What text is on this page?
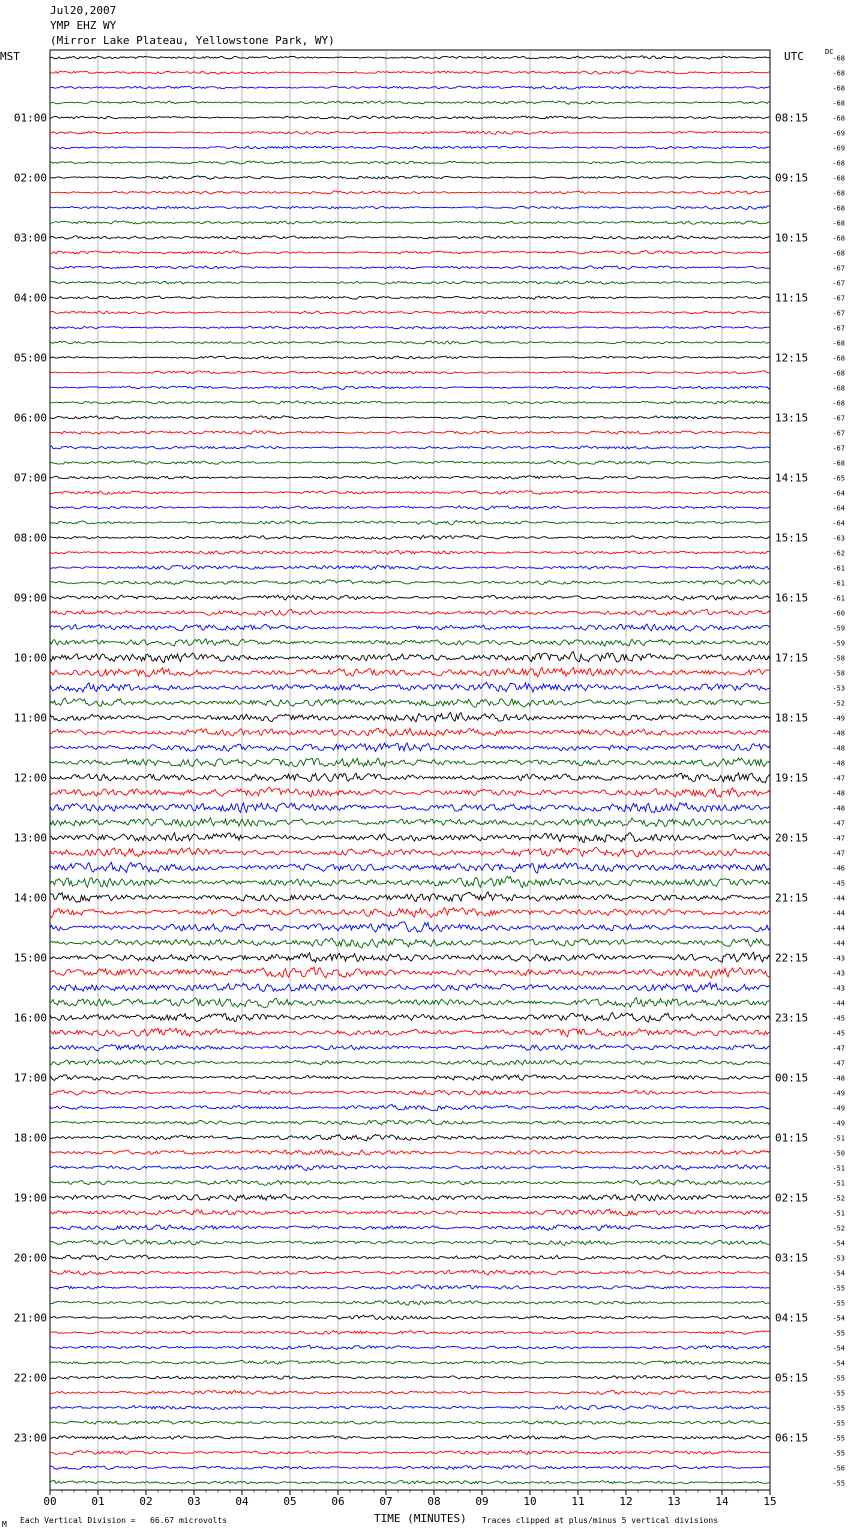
Jul20,2007
YMP EHZ WY
(Mirror Lake Plateau, Yellowstone Park, WY)
00	01	02	03	04	05	06	07	08	09	10	11	12	13	14	15
MST	UTC	DC
01:00
02:00
03:00
04:00
05:00
06:00
07:00
08:00
09:00
10:00
11:00
12:00
13:00
14:00
15:00
16:00
17:00
18:00
19:00
20:00
21:00
22:00
23:00
08:15
09:15
10:15
11:15
12:15
13:15
14:15
15:15
16:15
17:15
18:15
19:15
20:15
21:15
22:15
23:15
00:15
01:15
02:15
03:15
04:15
05:15
06:15
-68
-68
-68
-68
-68
-69
-69
-68
-68
-68
-68
-68
-68
-68
-67
-67
-67
-67
-67
-68
-68
-68
-68
-68
-67
-67
-67
-68
-65
-64
-64
-64
-63
-62
-61
-61
-61
-60
-59
-59
-58
-58
-53
-52
-49
-48
-48
-48
-47
-48
-48
-47
-47
-47
-46
-45
-44
-44
-44
-44
-43
-43
-43
-44
-45
-45
-47
-47
-48
-49
-49
-49
-51
-50
-51
-51
-52
-51
-52
-54
-53
-54
-55
-55
-54
-55
-54
-54
-55
-55
-55
-55
-55
-55
-56
-55
TIME (MINUTES)
M Each Vertical Division =   66.67 microvolts	Traces clipped at plus/minus 5 vertical divisions
